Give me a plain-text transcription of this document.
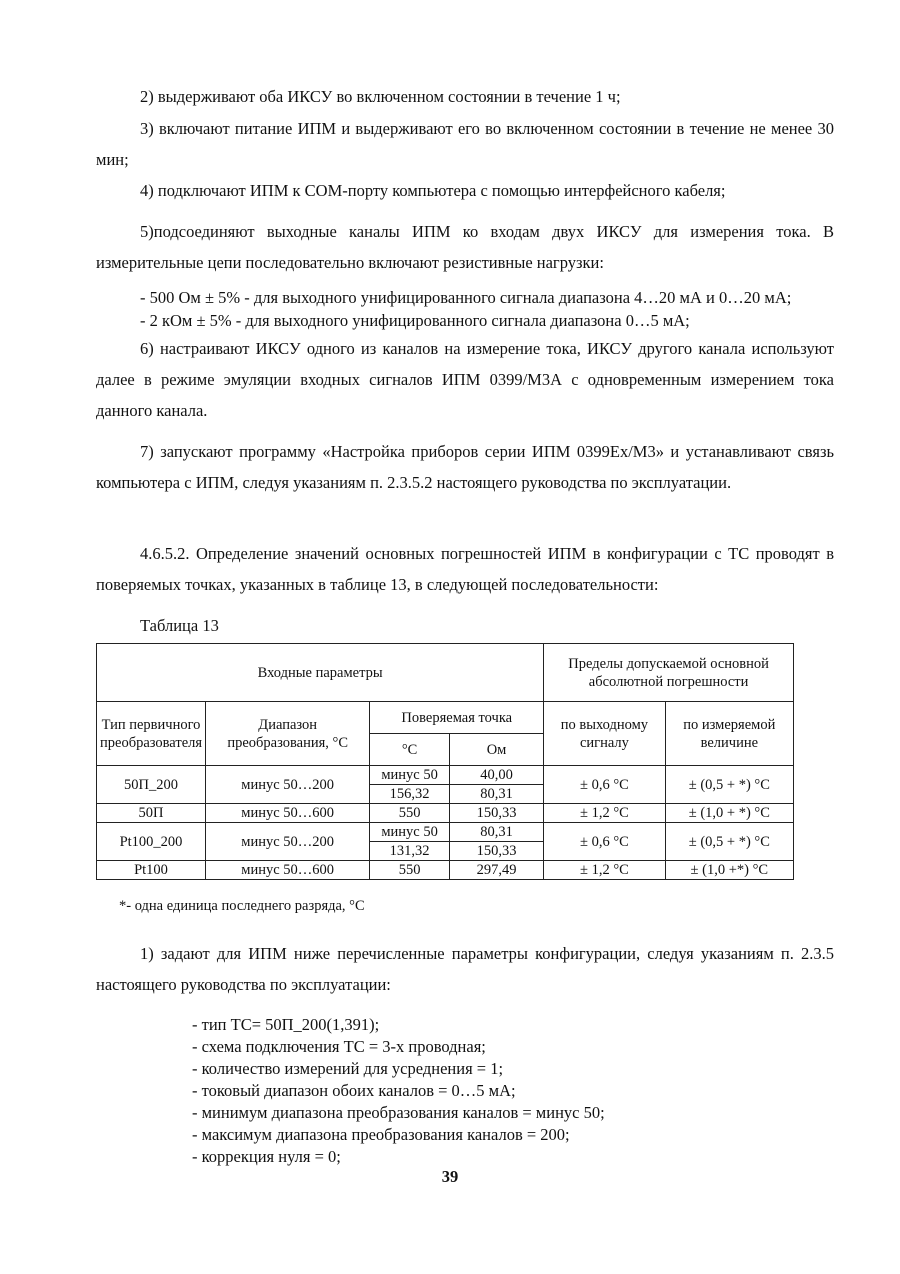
2) выдерживают оба ИКСУ во включенном состоянии в течение 1 ч;

3) включают питание ИПМ и выдерживают его во включенном состоянии в течение не менее 30 мин;

4) подключают ИПМ к COM-порту компьютера с помощью интерфейсного кабеля;

5)подсоединяют выходные каналы ИПМ ко входам двух ИКСУ для измерения тока. В измерительные цепи последовательно включают резистивные нагрузки:

- 500 Ом ± 5% - для выходного унифицированного сигнала диапазона 4…20 мА и 0…20 мА;
- 2 кОм ± 5% - для выходного унифицированного сигнала диапазона 0…5 мА;

6) настраивают ИКСУ одного из каналов на измерение тока, ИКСУ другого канала используют далее в режиме эмуляции входных сигналов ИПМ 0399/М3А с одновременным измерением тока данного канала.

7) запускают программу «Настройка приборов серии ИПМ 0399Ex/М3» и устанавливают связь компьютера с ИПМ, следуя указаниям п. 2.3.5.2 настоящего руководства по эксплуатации.

4.6.5.2. Определение значений основных погрешностей ИПМ в конфигурации с ТС проводят в поверяемых точках, указанных в таблице 13, в следующей последовательности:

Таблица 13
Входные параметры				Пределы допускаемой основной абсолютной погрешности	
Тип первичного преобразователя	Диапазон преобразования, °С	Поверяемая точка		по выходному сигналу	по измеряемой величине
		°С	Ом		
50П_200	минус 50…200	минус 50	40,00	± 0,6 °С	± (0,5 + *) °С
		156,32	80,31		
50П	минус 50…600	550	150,33	± 1,2 °С	± (1,0 + *) °С
Pt100_200	минус 50…200	минус 50	80,31	± 0,6 °С	± (0,5 + *) °С
		131,32	150,33		
Pt100	минус 50…600	550	297,49	± 1,2 °С	± (1,0 +*) °С
*- одна единица последнего разряда, °С

1) задают для ИПМ ниже перечисленные параметры конфигурации, следуя указаниям п. 2.3.5 настоящего руководства по эксплуатации:

- тип ТС= 50П_200(1,391);
- схема подключения ТС = 3-х проводная;
- количество измерений для усреднения = 1;
- токовый диапазон обоих каналов = 0…5 мА;
- минимум диапазона преобразования каналов = минус 50;
- максимум диапазона преобразования каналов = 200;
- коррекция нуля = 0;
39
